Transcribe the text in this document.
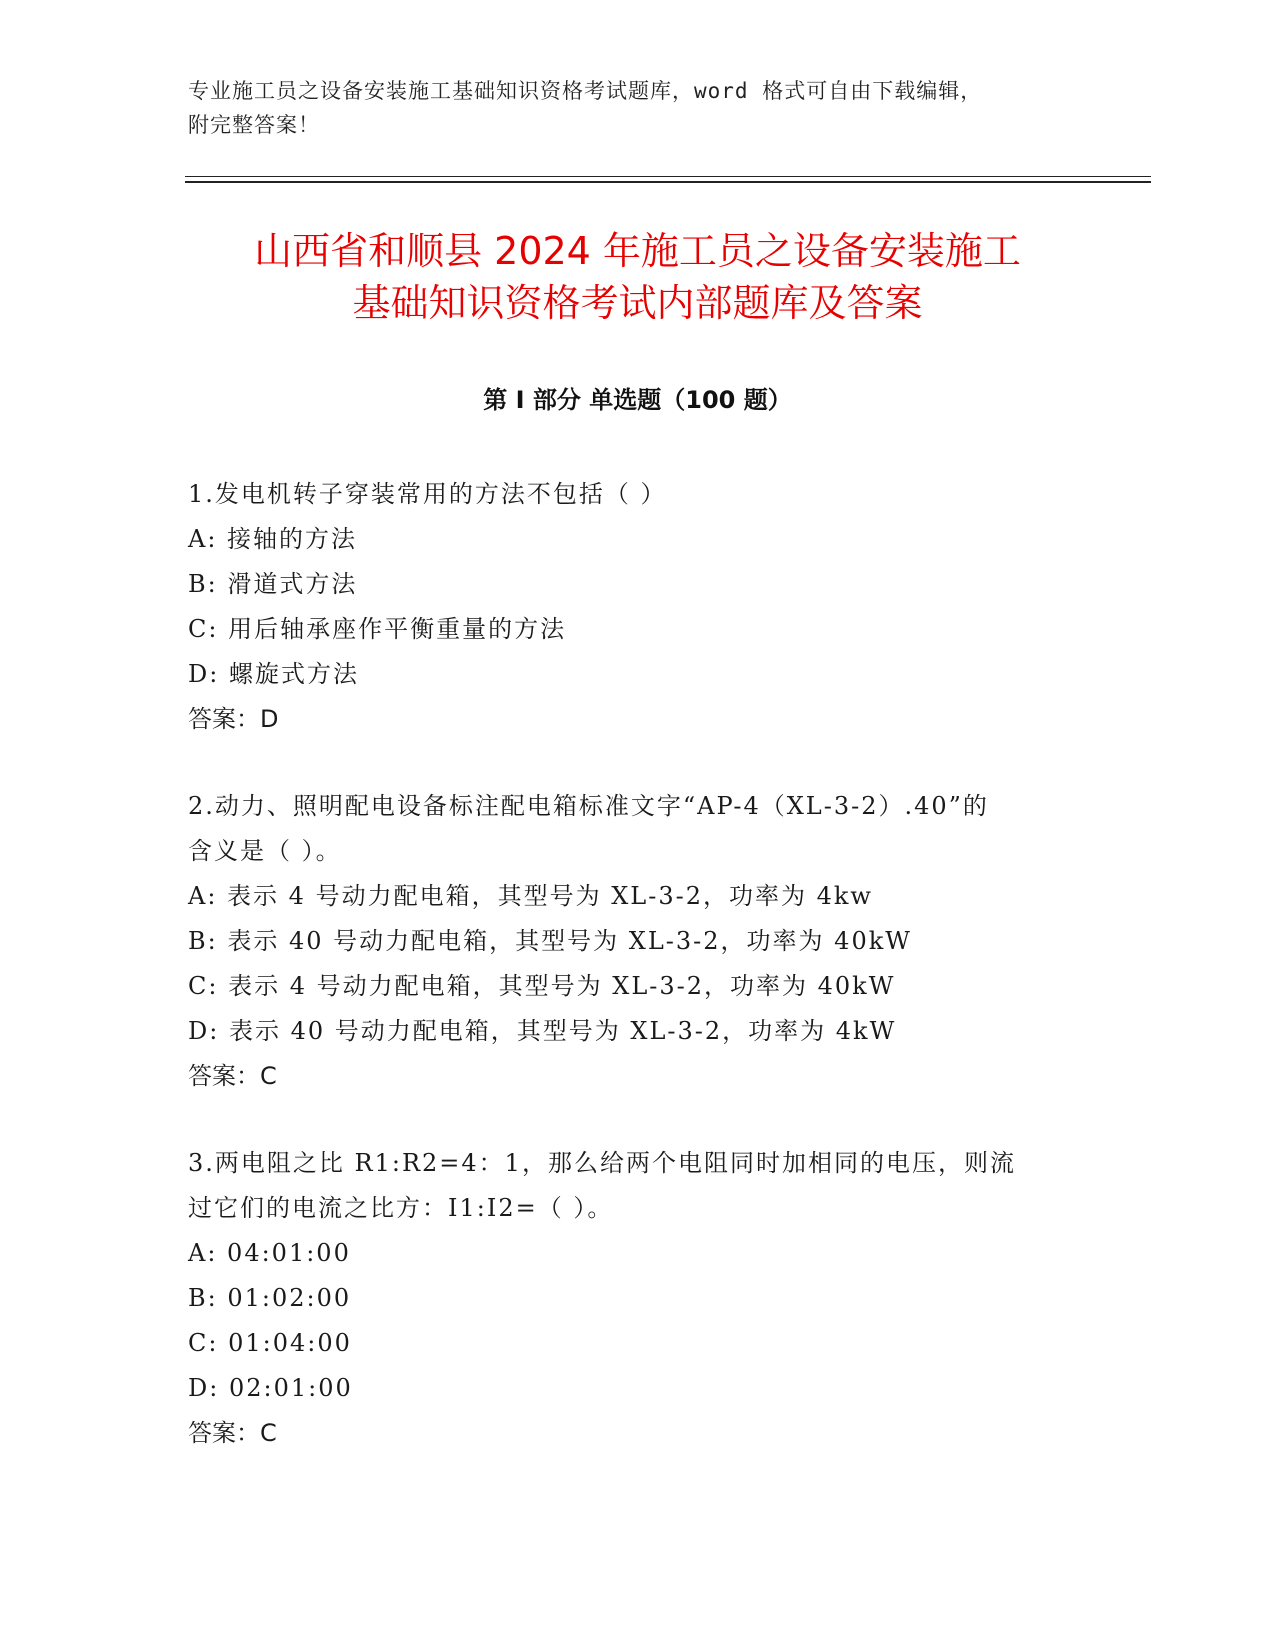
专业施工员之设备安装施工基础知识资格考试题库，word 格式可自由下载编辑，

附完整答案！

山西省和顺县 2024 年施工员之设备安装施工
基础知识资格考试内部题库及答案
第 I 部分 单选题（100 题）

1.发电机转子穿装常用的方法不包括（ ）

A: 接轴的方法

B: 滑道式方法

C: 用后轴承座作平衡重量的方法

D: 螺旋式方法

答案：D

2.动力、照明配电设备标注配电箱标准文字“AP-4（XL-3-2）.40”的

含义是（ ）。

A: 表示 4 号动力配电箱，其型号为 XL-3-2，功率为 4kw

B: 表示 40 号动力配电箱，其型号为 XL-3-2，功率为 40kW

C: 表示 4 号动力配电箱，其型号为 XL-3-2，功率为 40kW

D: 表示 40 号动力配电箱，其型号为 XL-3-2，功率为 4kW

答案：C

3.两电阻之比 R1:R2=4：1，那么给两个电阻同时加相同的电压，则流

过它们的电流之比方：I1:I2=（ ）。

A: 04:01:00

B: 01:02:00

C: 01:04:00

D: 02:01:00

答案：C
